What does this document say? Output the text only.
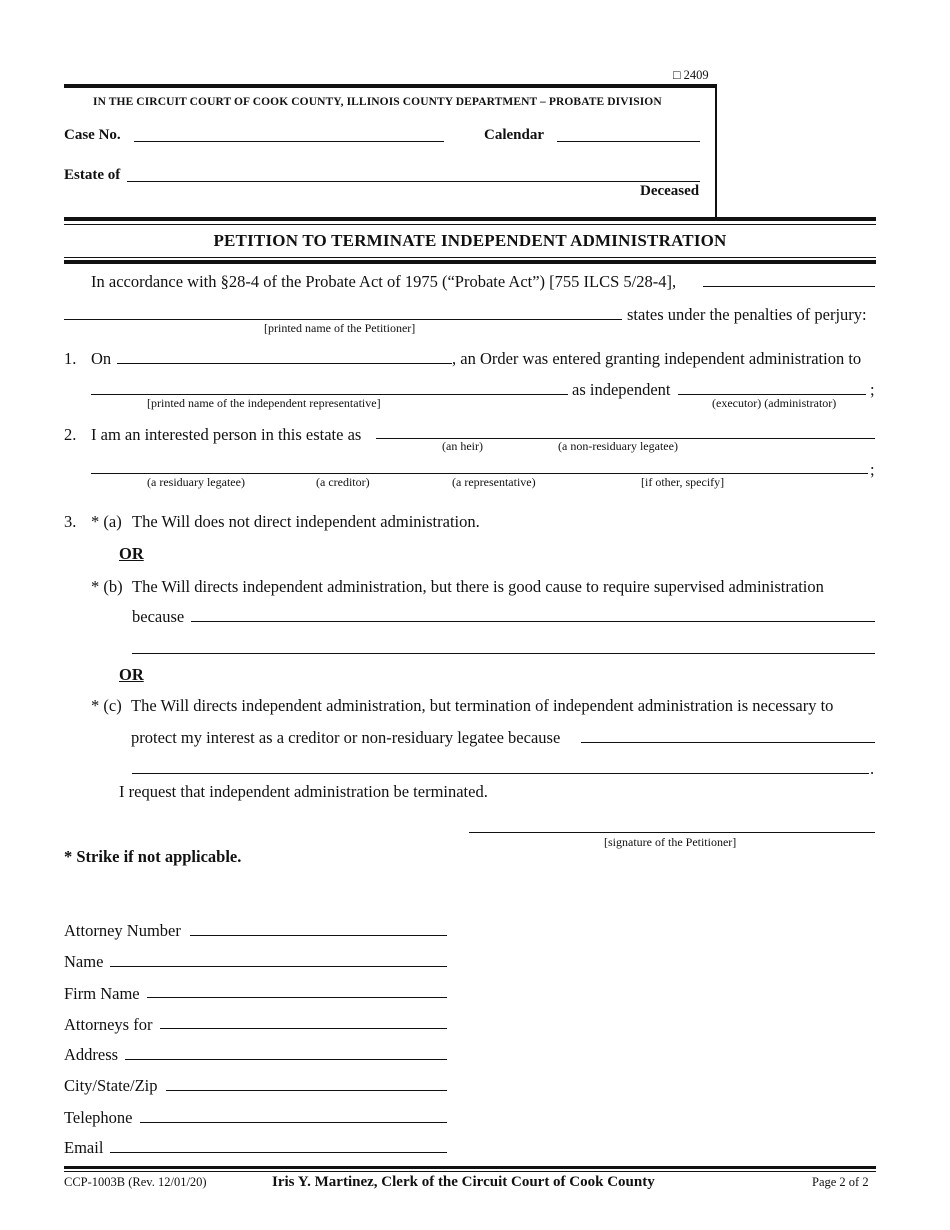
□ 2409
IN THE CIRCUIT COURT OF COOK COUNTY, ILLINOIS COUNTY DEPARTMENT – PROBATE DIVISION
Case No.	Calendar
Estate of
Deceased
PETITION TO TERMINATE INDEPENDENT ADMINISTRATION
In accordance with §28-4 of the Probate Act of 1975 (“Probate Act”) [755 ILCS 5/28-4],
states under the penalties of perjury:
[printed name of the Petitioner]
1. On	, an Order was entered granting independent administration to
as independent	;
[printed name of the independent representative]	(executor) (administrator)
2. I am an interested person in this estate as
(an heir)	(a non-residuary legatee)
;
(a residuary legatee)	(a creditor)	(a representative)	[if other, specify]
3. * (a) The Will does not direct independent administration.
OR
* (b) The Will directs independent administration, but there is good cause to require supervised administration
because
OR
* (c) The Will directs independent administration, but termination of independent administration is necessary to
protect my interest as a creditor or non-residuary legatee because
.
I request that independent administration be terminated.
[signature of the Petitioner]
* Strike if not applicable.
Attorney Number
Name
Firm Name
Attorneys for
Address
City/State/Zip
Telephone
Email
CCP-1003B (Rev. 12/01/20)	Iris Y. Martinez, Clerk of the Circuit Court of Cook County	Page 2 of 2
